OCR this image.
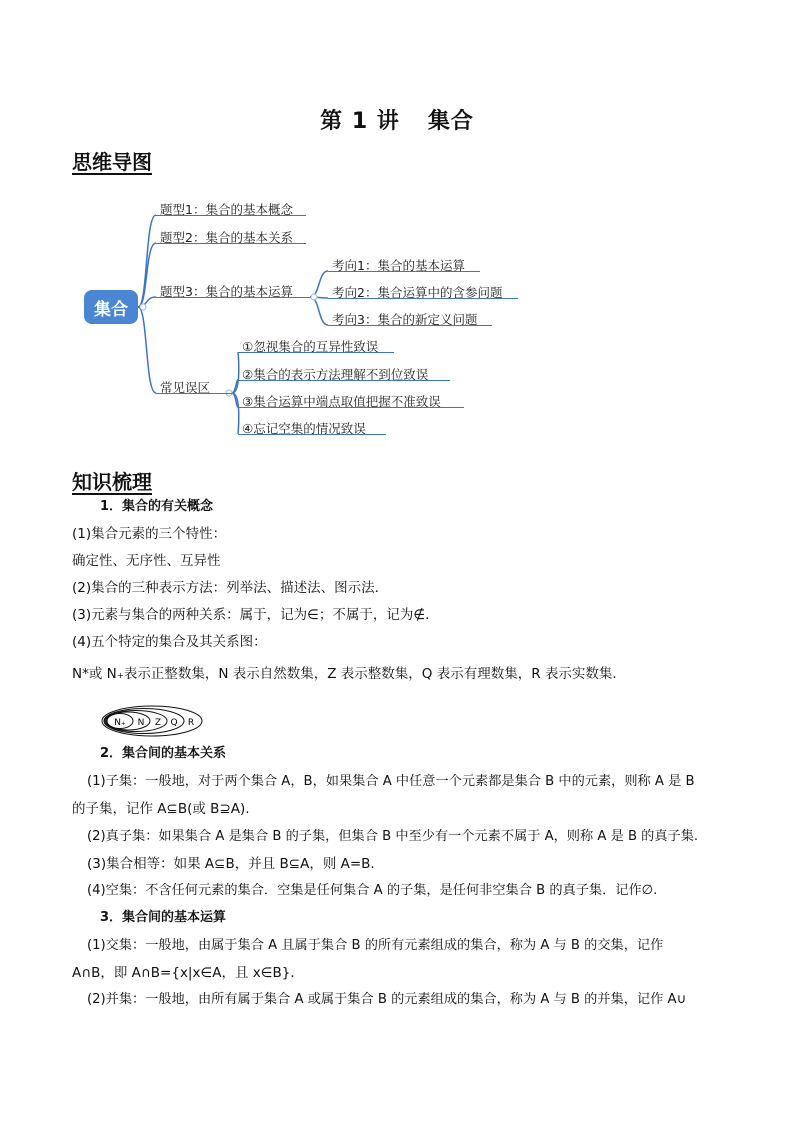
第 1 讲 集合
思维导图
集合
题型1：集合的基本概念
题型2：集合的基本关系
题型3：集合的基本运算
常见误区
考向1：集合的基本运算
考向2：集合运算中的含参问题
考向3：集合的新定义问题
①忽视集合的互异性致误
②集合的表示方法理解不到位致误
③集合运算中端点取值把握不准致误
④忘记空集的情况致误
知识梳理
1．集合的有关概念
(1)集合元素的三个特性：
确定性、无序性、互异性
(2)集合的三种表示方法：列举法、描述法、图示法．
(3)元素与集合的两种关系：属于，记为∈；不属于，记为∉.
(4)五个特定的集合及其关系图：
N*或 N₊表示正整数集，N 表示自然数集，Z 表示整数集，Q 表示有理数集，R 表示实数集．
N₊ N Z Q R
2．集合间的基本关系
(1)子集：一般地，对于两个集合 A，B，如果集合 A 中任意一个元素都是集合 B 中的元素，则称 A 是 B
的子集，记作 A⊆B(或 B⊇A).
(2)真子集：如果集合 A 是集合 B 的子集，但集合 B 中至少有一个元素不属于 A，则称 A 是 B 的真子集.
(3)集合相等：如果 A⊆B，并且 B⊆A，则 A=B.
(4)空集：不含任何元素的集合．空集是任何集合 A 的子集，是任何非空集合 B 的真子集．记作∅.
3．集合间的基本运算
(1)交集：一般地，由属于集合 A 且属于集合 B 的所有元素组成的集合，称为 A 与 B 的交集，记作
A∩B，即 A∩B={x|x∈A，且 x∈B}．
(2)并集：一般地，由所有属于集合 A 或属于集合 B 的元素组成的集合，称为 A 与 B 的并集，记作 A∪
